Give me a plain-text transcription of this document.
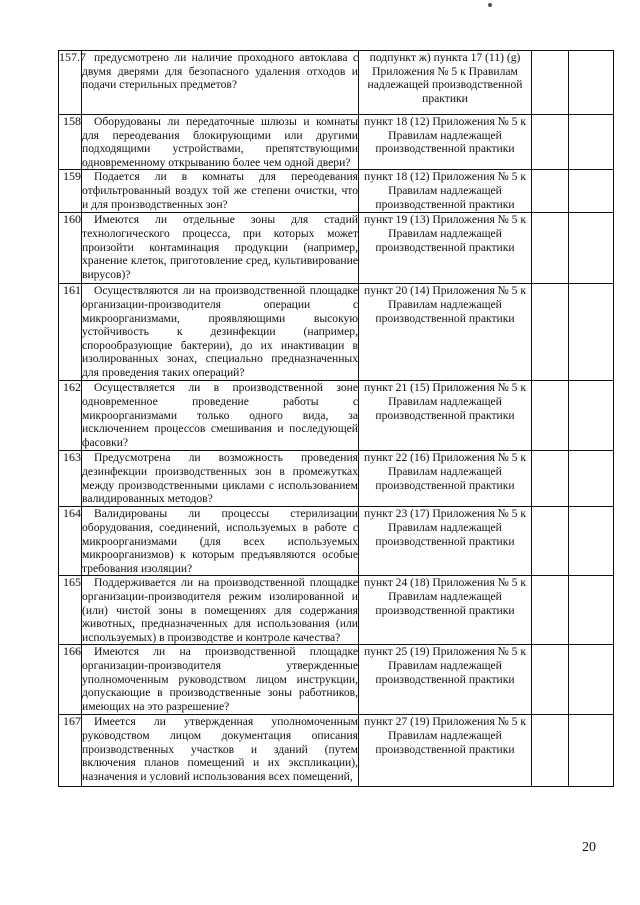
157.7	предусмотрено ли наличие проходного автоклава с двумя дверями для безопасного удаления отходов и подачи стерильных предметов?	подпункт ж) пункта 17 (11) (g) Приложения № 5 к Правилам надлежащей производственной практики		
158	Оборудованы ли передаточные шлюзы и комнаты для переодевания блокирующими или другими подходящими устройствами, препятствующими одновременному открыванию более чем одной двери?	пункт 18 (12) Приложения № 5 к Правилам надлежащей производственной практики		
159	Подается ли в комнаты для переодевания отфильтрованный воздух той же степени очистки, что и для производственных зон?	пункт 18 (12) Приложения № 5 к Правилам надлежащей производственной практики		
160	Имеются ли отдельные зоны для стадий технологического процесса, при которых может произойти контаминация продукции (например, хранение клеток, приготовление сред, культивирование вирусов)?	пункт 19 (13) Приложения № 5 к Правилам надлежащей производственной практики		
161	Осуществляются ли на производственной площадке организации-производителя операции с микроорганизмами, проявляющими высокую устойчивость к дезинфекции (например, спорообразующие бактерии), до их инактивации в изолированных зонах, специально предназначенных для проведения таких операций?	пункт 20 (14) Приложения № 5 к Правилам надлежащей производственной практики		
162	Осуществляется ли в производственной зоне одновременное проведение работы с микроорганизмами только одного вида, за исключением процессов смешивания и последующей фасовки?	пункт 21 (15) Приложения № 5 к Правилам надлежащей производственной практики		
163	Предусмотрена ли возможность проведения дезинфекции производственных зон в промежутках между производственными циклами с использованием валидированных методов?	пункт 22 (16) Приложения № 5 к Правилам надлежащей производственной практики		
164	Валидированы ли процессы стерилизации оборудования, соединений, используемых в работе с микроорганизмами (для всех используемых микроорганизмов) к которым предъявляются особые требования изоляции?	пункт 23 (17) Приложения № 5 к Правилам надлежащей производственной практики		
165	Поддерживается ли на производственной площадке организации-производителя режим изолированной и (или) чистой зоны в помещениях для содержания животных, предназначенных для использования (или используемых) в производстве и контроле качества?	пункт 24 (18) Приложения № 5 к Правилам надлежащей производственной практики		
166	Имеются ли на производственной площадке организации-производителя утвержденные уполномоченным руководством лицом инструкции, допускающие в производственные зоны работников, имеющих на это разрешение?	пункт 25 (19) Приложения № 5 к Правилам надлежащей производственной практики		
167	Имеется ли утвержденная уполномоченным руководством лицом документация описания производственных участков и зданий (путем включения планов помещений и их экспликации), назначения и условий использования всех помещений,	пункт 27 (19) Приложения № 5 к Правилам надлежащей производственной практики		
20
